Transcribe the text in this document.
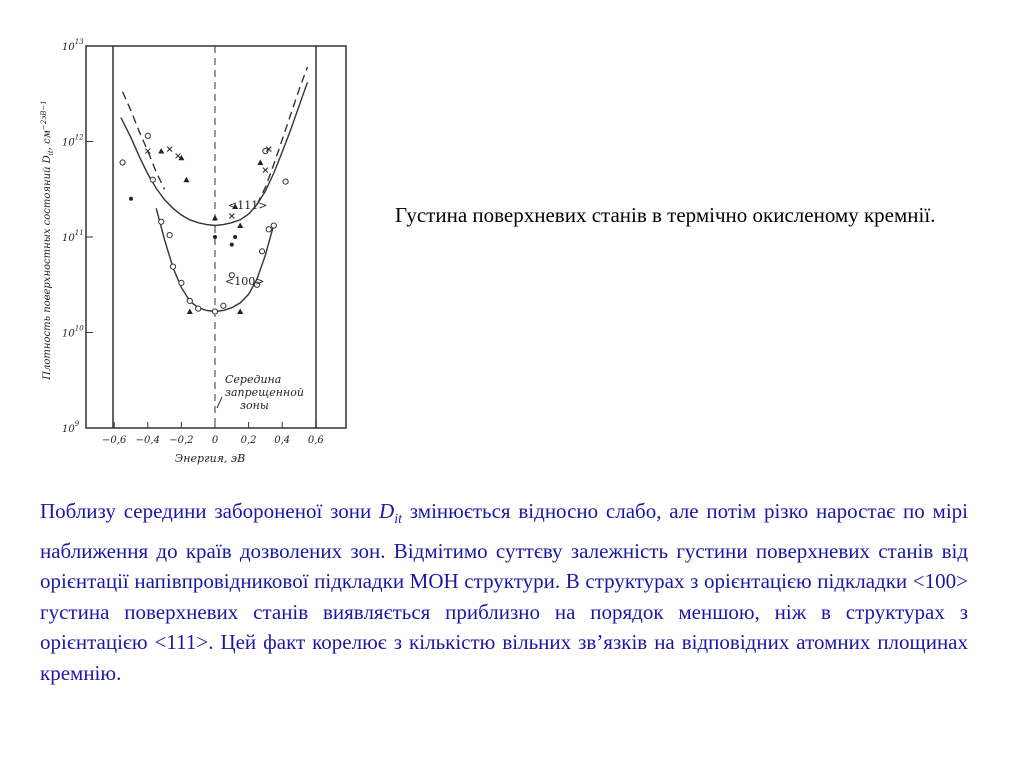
$10^9$
$10^{10}$
$10^{11}$
$10^{12}$
$10^{13}$
−0,6 −0,4 −0,2 0 0,2 0,4 0,6
<111>
<100>
Середина
запрещенной
зоны
Энергия, эВ
Плотность поверхностных состояний $D_{it}$, $см^{-2эВ-1}$
Густина поверхневих станів в термічно окисленому кремнії.
Поблизу середини забороненої зони $D_{it}$ змінюється відносно слабо, але потім різко наростає по мірі наближення до країв дозволених зон. Відмітимо суттєву залежність густини поверхневих станів від орієнтації напівпровідникової підкладки МОН структури. В структурах з орієнтацією підкладки <100> густина поверхневих станів виявляється приблизно на порядок меншою, ніж в структурах з орієнтацією <111>. Цей факт корелює з кількістю вільних зв’язків на відповідних атомних площинах кремнію.
